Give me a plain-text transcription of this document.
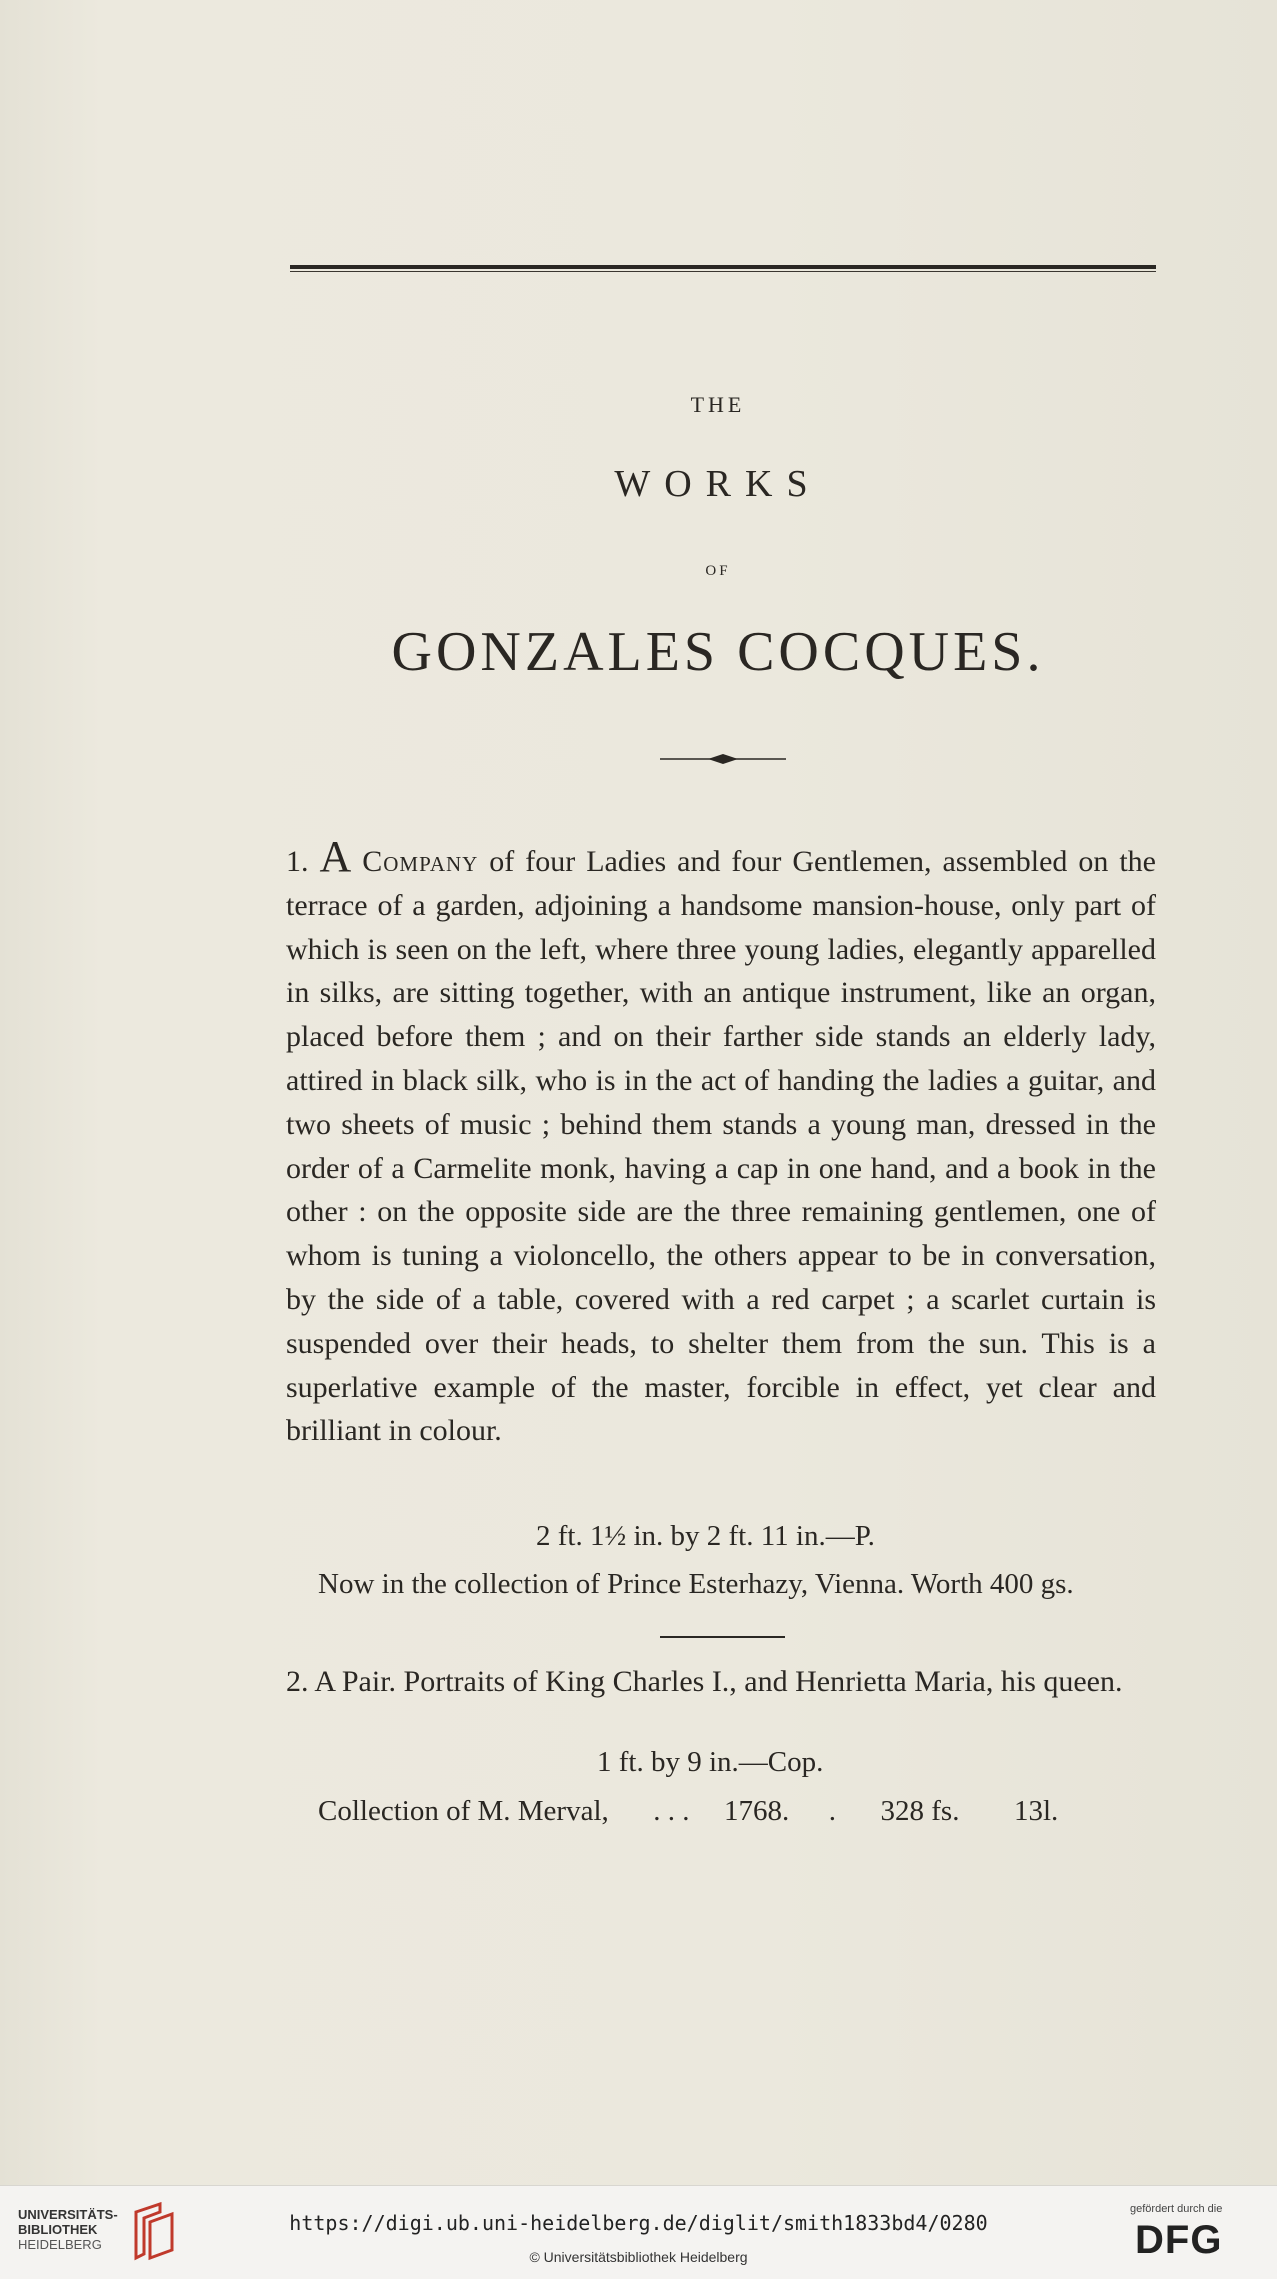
THE
WORKS
OF
GONZALES COCQUES.
1. A Company of four Ladies and four Gentlemen, assembled on the terrace of a garden, adjoining a handsome mansion-house, only part of which is seen on the left, where three young ladies, elegantly apparelled in silks, are sitting together, with an antique instrument, like an organ, placed before them ; and on their farther side stands an elderly lady, attired in black silk, who is in the act of handing the ladies a guitar, and two sheets of music ; behind them stands a young man, dressed in the order of a Carmelite monk, having a cap in one hand, and a book in the other : on the opposite side are the three remaining gentlemen, one of whom is tuning a violoncello, the others appear to be in conversation, by the side of a table, covered with a red carpet ; a scarlet curtain is suspended over their heads, to shelter them from the sun. This is a superlative example of the master, forcible in effect, yet clear and brilliant in colour.
2 ft. 1½ in. by 2 ft. 11 in.—P.
Now in the collection of Prince Esterhazy, Vienna. Worth 400 gs.
2. A Pair. Portraits of King Charles I., and Henrietta Maria, his queen.
1 ft. by 9 in.—Cop.
Collection of M. Merval, . . . 1768. . 328 fs. 13l.
UNIVERSITÄTS-
BIBLIOTHEK
HEIDELBERG
https://digi.ub.uni-heidelberg.de/diglit/smith1833bd4/0280
© Universitätsbibliothek Heidelberg
gefördert durch die
DFG
